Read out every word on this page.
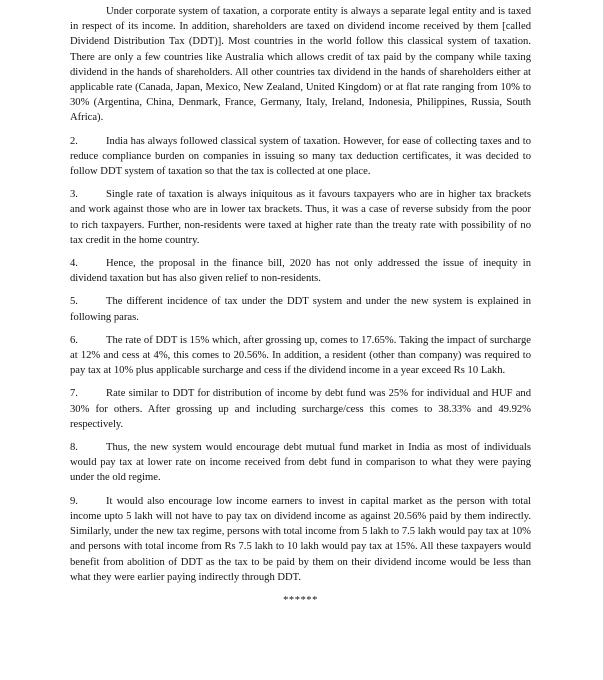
Under corporate system of taxation, a corporate entity is always a separate legal entity and is taxed in respect of its income. In addition, shareholders are taxed on dividend income received by them [called Dividend Distribution Tax (DDT)]. Most countries in the world follow this classical system of taxation. There are only a few countries like Australia which allows credit of tax paid by the company while taxing dividend in the hands of shareholders. All other countries tax dividend in the hands of shareholders either at applicable rate (Canada, Japan, Mexico, New Zealand, United Kingdom) or at flat rate ranging from 10% to 30% (Argentina, China, Denmark, France, Germany, Italy, Ireland, Indonesia, Philippines, Russia, South Africa).

2.	India has always followed classical system of taxation. However, for ease of collecting taxes and to reduce compliance burden on companies in issuing so many tax deduction certificates, it was decided to follow DDT system of taxation so that the tax is collected at one place.

3.	Single rate of taxation is always iniquitous as it favours taxpayers who are in higher tax brackets and work against those who are in lower tax brackets. Thus, it was a case of reverse subsidy from the poor to rich taxpayers. Further, non-residents were taxed at higher rate than the treaty rate with possibility of no tax credit in the home country.

4.	Hence, the proposal in the finance bill, 2020 has not only addressed the issue of inequity in dividend taxation but has also given relief to non-residents.

5.	The different incidence of tax under the DDT system and under the new system is explained in following paras.

6.	The rate of DDT is 15% which, after grossing up, comes to 17.65%. Taking the impact of surcharge at 12% and cess at 4%, this comes to 20.56%. In addition, a resident (other than company) was required to pay tax at 10% plus applicable surcharge and cess if the dividend income in a year exceed Rs 10 Lakh.

7.	Rate similar to DDT for distribution of income by debt fund was 25% for individual and HUF and 30% for others. After grossing up and including surcharge/cess this comes to 38.33% and 49.92% respectively.

8.	Thus, the new system would encourage debt mutual fund market in India as most of individuals would pay tax at lower rate on income received from debt fund in comparison to what they were paying under the old regime.

9.	It would also encourage low income earners to invest in capital market as the person with total income upto 5 lakh will not have to pay tax on dividend income as against 20.56% paid by them indirectly. Similarly, under the new tax regime, persons with total income from 5 lakh to 7.5 lakh would pay tax at 10% and persons with total income from Rs 7.5 lakh to 10 lakh would pay tax at 15%. All these taxpayers would benefit from abolition of DDT as the tax to be paid by them on their dividend income would be less than what they were earlier paying indirectly through DDT.

******
